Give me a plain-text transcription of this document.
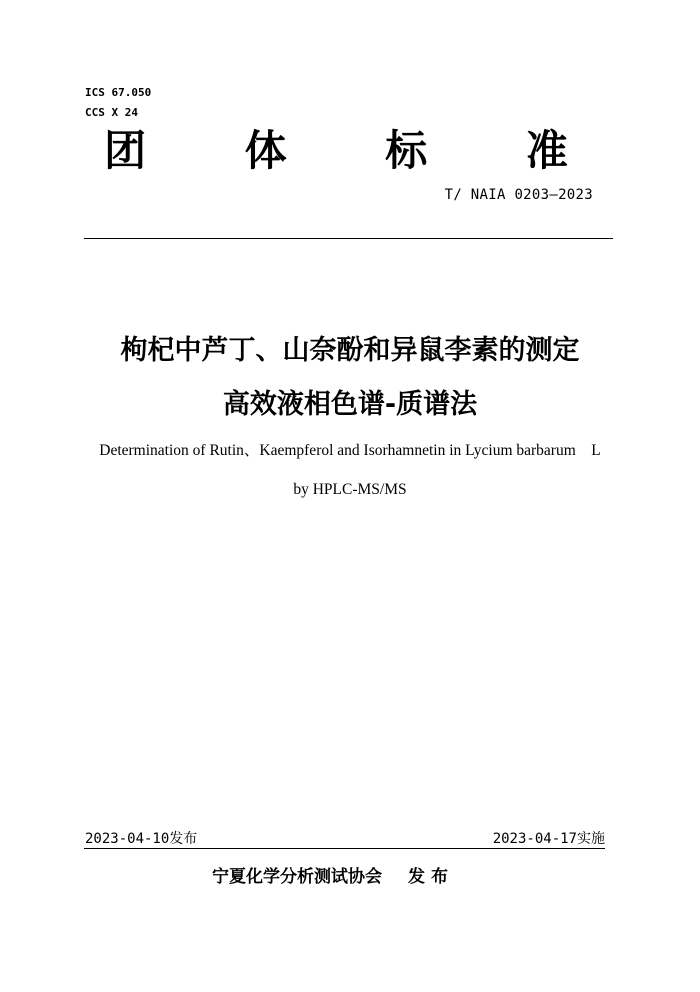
ICS 67.050
CCS X 24
团 体 标 准
T/ NAIA 0203—2023
枸杞中芦丁、山奈酚和异鼠李素的测定
高效液相色谱-质谱法
Determination of Rutin、Kaempferol and Isorhamnetin in Lycium barbarum    L
by HPLC-MS/MS
2023-04-10发布	2023-04-17实施
宁夏化学分析测试协会 发 布
